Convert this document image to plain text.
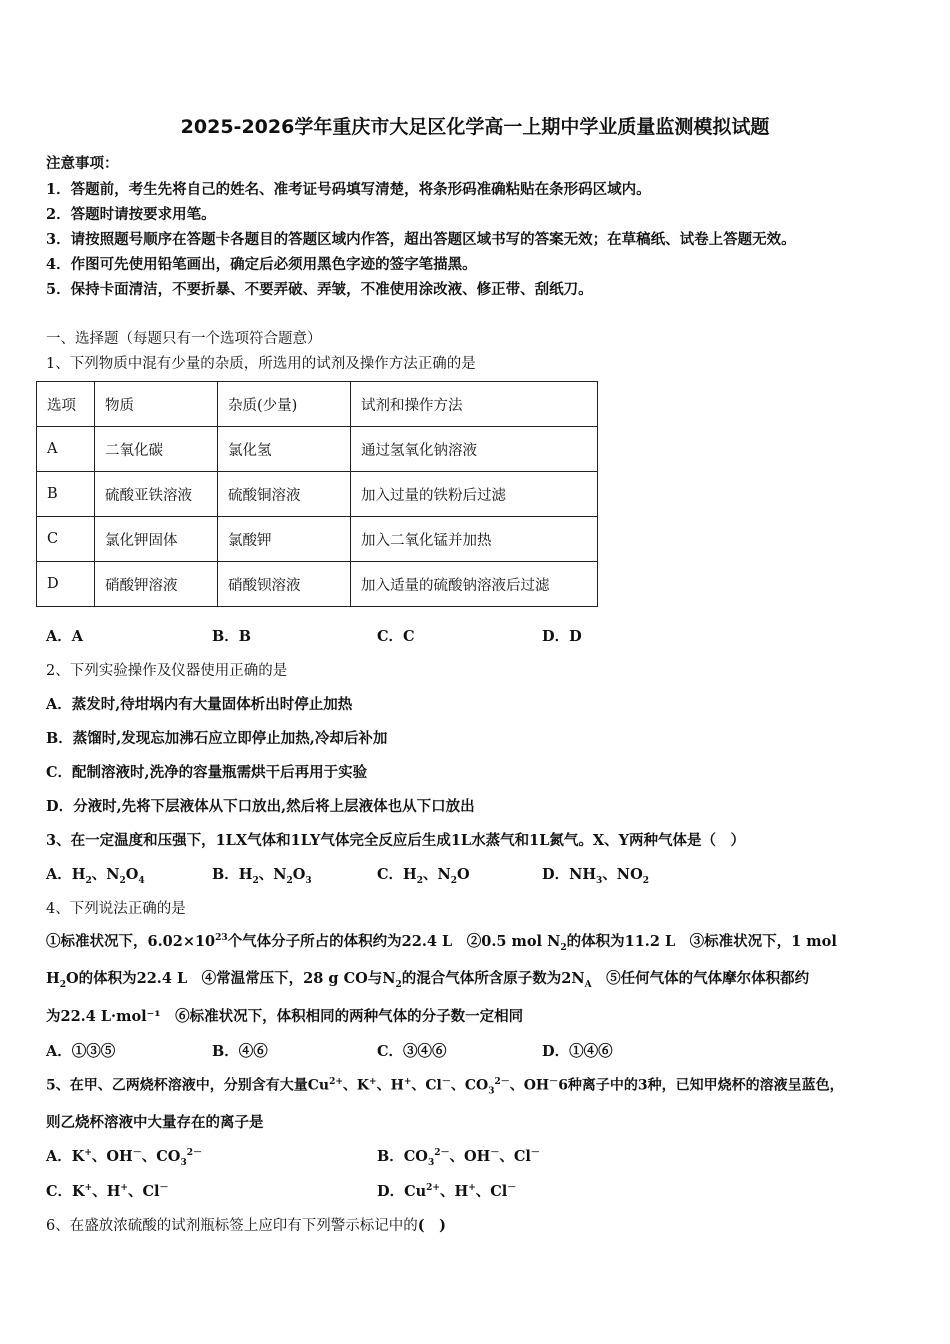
2025-2026学年重庆市大足区化学高一上期中学业质量监测模拟试题
注意事项：
1．答题前，考生先将自己的姓名、准考证号码填写清楚，将条形码准确粘贴在条形码区域内。
2．答题时请按要求用笔。
3．请按照题号顺序在答题卡各题目的答题区域内作答，超出答题区域书写的答案无效；在草稿纸、试卷上答题无效。
4．作图可先使用铅笔画出，确定后必须用黑色字迹的签字笔描黑。
5．保持卡面清洁，不要折暴、不要弄破、弄皱，不准使用涂改液、修正带、刮纸刀。
一、选择题（每题只有一个选项符合题意）
1、下列物质中混有少量的杂质，所选用的试剂及操作方法正确的是
选项	物质	杂质(少量)	试剂和操作方法
A	二氧化碳	氯化氢	通过氢氧化钠溶液
B	硫酸亚铁溶液	硫酸铜溶液	加入过量的铁粉后过滤
C	氯化钾固体	氯酸钾	加入二氧化锰并加热
D	硝酸钾溶液	硝酸钡溶液	加入适量的硫酸钠溶液后过滤
A．A	B．B	C．C	D．D
2、下列实验操作及仪器使用正确的是
A．蒸发时,待坩埚内有大量固体析出时停止加热
B．蒸馏时,发现忘加沸石应立即停止加热,冷却后补加
C．配制溶液时,洗净的容量瓶需烘干后再用于实验
D．分液时,先将下层液体从下口放出,然后将上层液体也从下口放出
3、在一定温度和压强下，1LX气体和1LY气体完全反应后生成1L水蒸气和1L氮气。X、Y两种气体是（　）
A．$H_2$、$N_2O_4$	B．$H_2$、$N_2O_3$	C．$H_2$、$N_2O$	D．$NH_3$、$NO_2$
4、下列说法正确的是
①标准状况下，$6.02\times 10^{23}$个气体分子所占的体积约为22.4 L　②0.5 mol $N_2$的体积为11.2 L　③标准状况下，1 mol
$H_2O$的体积为22.4 L　④常温常压下，28 g CO与$N_2$的混合气体所含原子数为$2N_A$　⑤任何气体的气体摩尔体积都约
为22.4 L·mol⁻¹　⑥标准状况下，体积相同的两种气体的分子数一定相同
A．①③⑤	B．④⑥	C．③④⑥	D．①④⑥
5、在甲、乙两烧杯溶液中，分别含有大量$Cu^{2+}$、K+、H+、Cl－、$CO_3^{2-}$、OH－6种离子中的3种，已知甲烧杯的溶液呈蓝色，
则乙烧杯溶液中大量存在的离子是
A．K+、OH－、$CO_3^{2-}$	B．$CO_3^{2-}$、OH－、Cl－
C．K+、H+、Cl－	D．$Cu^{2+}$、H+、Cl－
6、在盛放浓硫酸的试剂瓶标签上应印有下列警示标记中的(　)
